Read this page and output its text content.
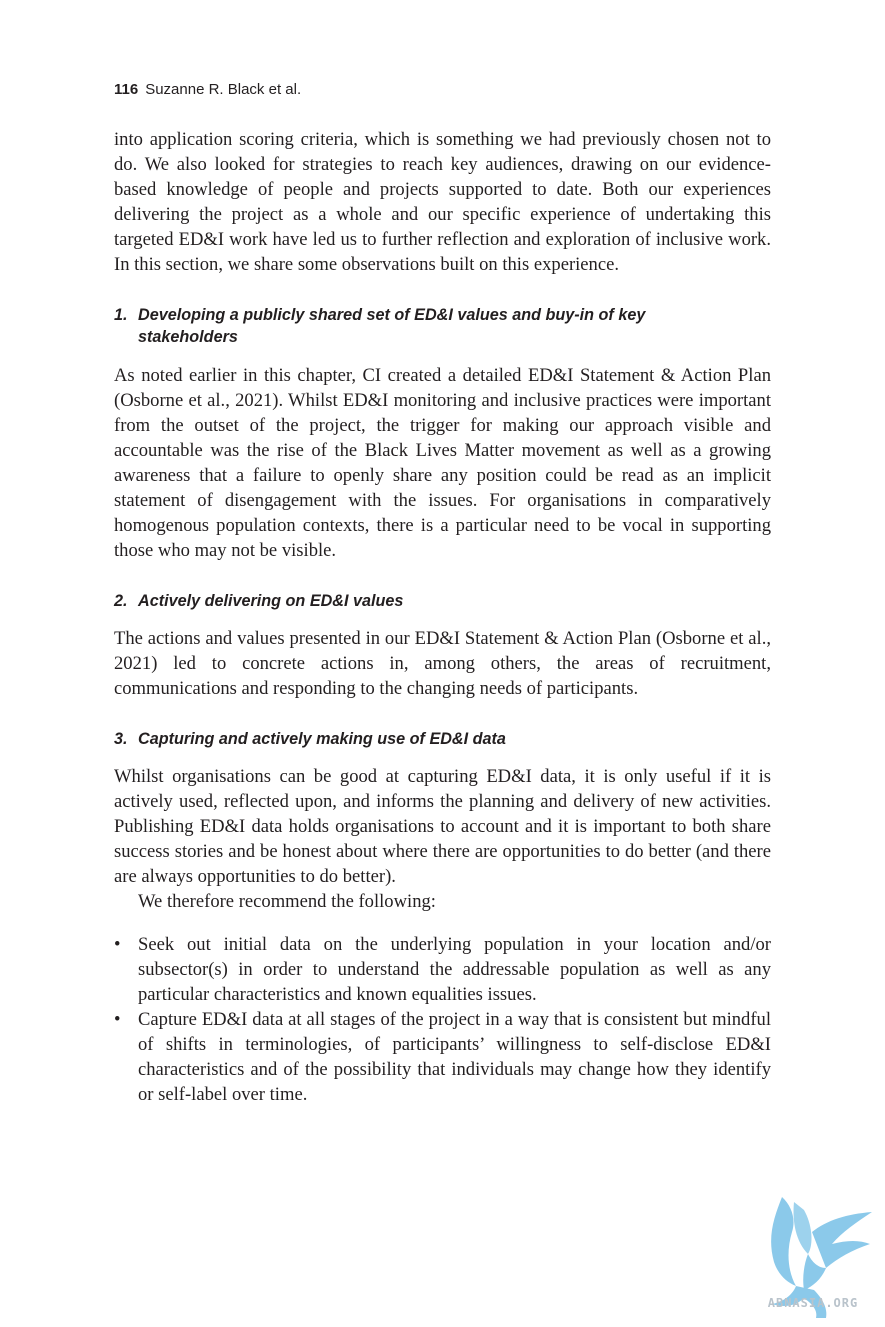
116 Suzanne R. Black et al.

into application scoring criteria, which is something we had previously chosen not to do. We also looked for strategies to reach key audiences, drawing on our evidence-based knowledge of people and projects supported to date. Both our experiences delivering the project as a whole and our specific experience of undertaking this targeted ED&I work have led us to further reflection and exploration of inclusive work. In this section, we share some observations built on this experience.

1. Developing a publicly shared set of ED&I values and buy-in of key stakeholders

As noted earlier in this chapter, CI created a detailed ED&I Statement & Action Plan (Osborne et al., 2021). Whilst ED&I monitoring and inclusive practices were important from the outset of the project, the trigger for making our approach visible and accountable was the rise of the Black Lives Matter movement as well as a growing awareness that a failure to openly share any position could be read as an implicit statement of disengagement with the issues. For organisations in comparatively homogenous population contexts, there is a particular need to be vocal in supporting those who may not be visible.

2. Actively delivering on ED&I values

The actions and values presented in our ED&I Statement & Action Plan (Osborne et al., 2021) led to concrete actions in, among others, the areas of recruitment, communications and responding to the changing needs of participants.

3. Capturing and actively making use of ED&I data

Whilst organisations can be good at capturing ED&I data, it is only useful if it is actively used, reflected upon, and informs the planning and delivery of new activities. Publishing ED&I data holds organisations to account and it is important to both share success stories and be honest about where there are opportunities to do better (and there are always opportunities to do better).

We therefore recommend the following:

• Seek out initial data on the underlying population in your location and/or subsector(s) in order to understand the addressable population as well as any particular characteristics and known equalities issues.
• Capture ED&I data at all stages of the project in a way that is consistent but mindful of shifts in terminologies, of participants’ willingness to self-disclose ED&I characteristics and of the possibility that individuals may change how they identify or self-label over time.
ABNASIA.ORG
